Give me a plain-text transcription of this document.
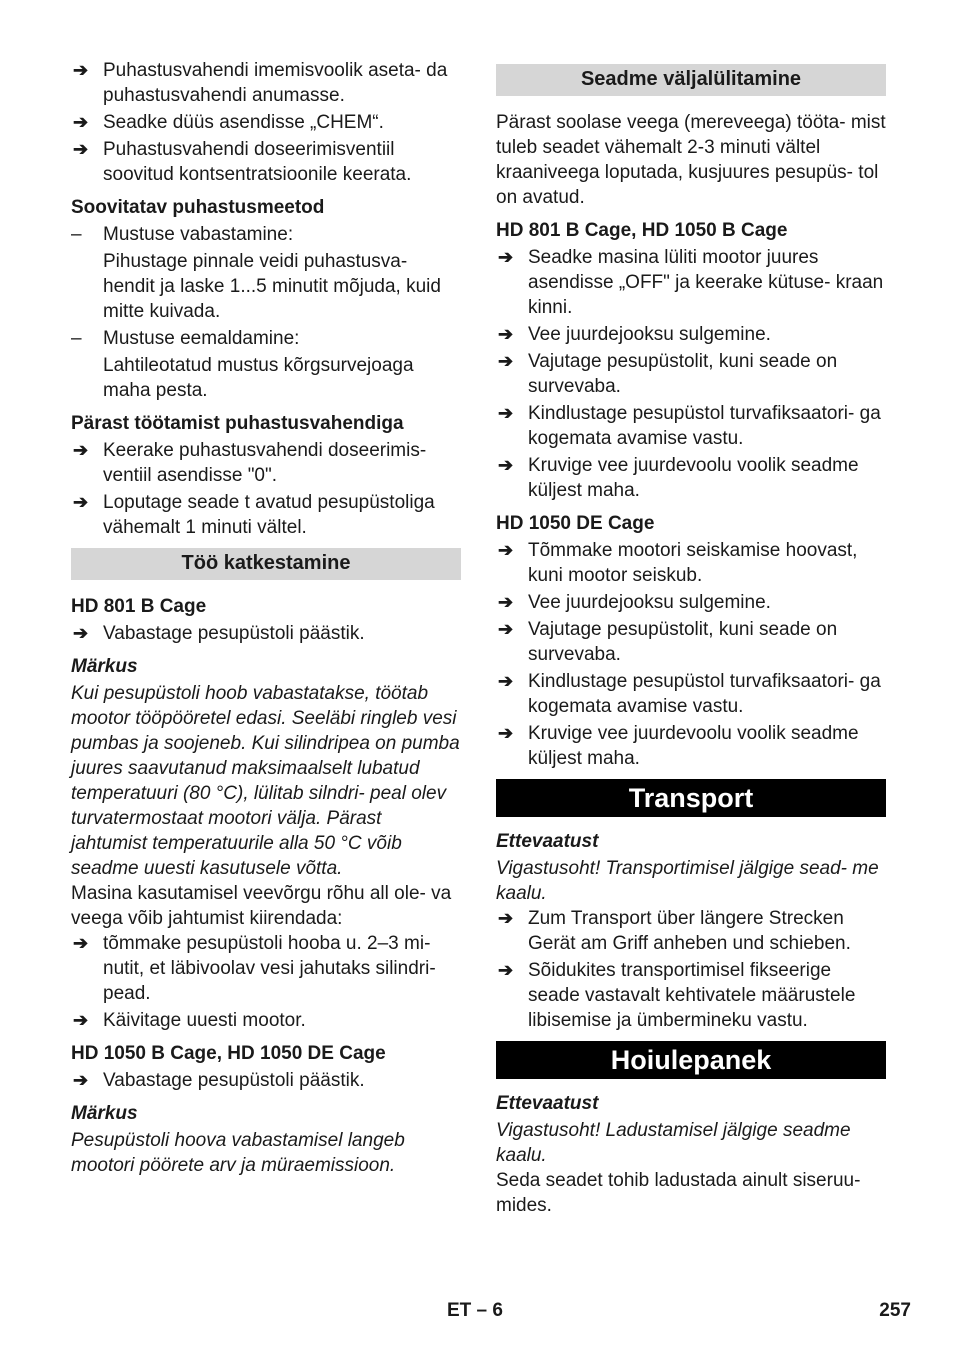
➔ Puhastusvahendi imemisvoolik aseta- da puhastusvahendi anumasse.
➔ Seadke düüs asendisse „CHEM“.
➔ Puhastusvahendi doseerimisventiil soovitud kontsentratsioonile keerata.

Soovitatav puhastusmeetod

– Mustuse vabastamine:

Pihustage pinnale veidi puhastusva- hendit ja laske 1...5 minutit mõjuda, kuid mitte kuivada.

– Mustuse eemaldamine:

Lahtileotatud mustus kõrgsurvejoaga maha pesta.

Pärast töötamist puhastusvahendiga

➔ Keerake puhastusvahendi doseerimis- ventiil asendisse "0".
➔ Loputage seade t avatud pesupüstoliga vähemalt 1 minuti vältel.
Töö katkestamine

HD 801 B Cage

➔ Vabastage pesupüstoli päästik.

Märkus

Kui pesupüstoli hoob vabastatakse, töötab mootor tööpööretel edasi. Seeläbi ringleb vesi pumbas ja soojeneb. Kui silindripea on pumba juures saavutanud maksimaalselt lubatud temperatuuri (80 °C), lülitab silndri- peal olev turvatermostaat mootori välja. Pärast jahtumist temperatuurile alla 50 °C võib seadme uuesti kasutusele võtta.

Masina kasutamisel veevõrgu rõhu all ole- va veega võib jahtumist kiirendada:

➔ tõmmake pesupüstoli hooba u. 2–3 mi- nutit, et läbivoolav vesi jahutaks silindri- pead.
➔ Käivitage uuesti mootor.

HD 1050 B Cage, HD 1050 DE Cage

➔ Vabastage pesupüstoli päästik.

Märkus

Pesupüstoli hoova vabastamisel langeb mootori pöörete arv ja müraemissioon.

Seadme väljalülitamine

Pärast soolase veega (mereveega) tööta- mist tuleb seadet vähemalt 2-3 minuti vältel kraaniveega loputada, kusjuures pesupüs- tol on avatud.

HD 801 B Cage, HD 1050 B Cage

➔ Seadke masina lüliti mootor juures asendisse „OFF" ja keerake kütuse- kraan kinni.
➔ Vee juurdejooksu sulgemine.
➔ Vajutage pesupüstolit, kuni seade on survevaba.
➔ Kindlustage pesupüstol turvafiksaatori- ga kogemata avamise vastu.
➔ Kruvige vee juurdevoolu voolik seadme küljest maha.

HD 1050 DE Cage

➔ Tõmmake mootori seiskamise hoovast, kuni mootor seiskub.
➔ Vee juurdejooksu sulgemine.
➔ Vajutage pesupüstolit, kuni seade on survevaba.
➔ Kindlustage pesupüstol turvafiksaatori- ga kogemata avamise vastu.
➔ Kruvige vee juurdevoolu voolik seadme küljest maha.
Transport

Ettevaatust

Vigastusoht! Transportimisel jälgige sead- me kaalu.

➔ Zum Transport über längere Strecken Gerät am Griff anheben und schieben.
➔ Sõidukites transportimisel fikseerige seade vastavalt kehtivatele määrustele libisemise ja ümbermineku vastu.
Hoiulepanek

Ettevaatust

Vigastusoht! Ladustamisel jälgige seadme kaalu.

Seda seadet tohib ladustada ainult siseruu- mides.

ET – 6	257
